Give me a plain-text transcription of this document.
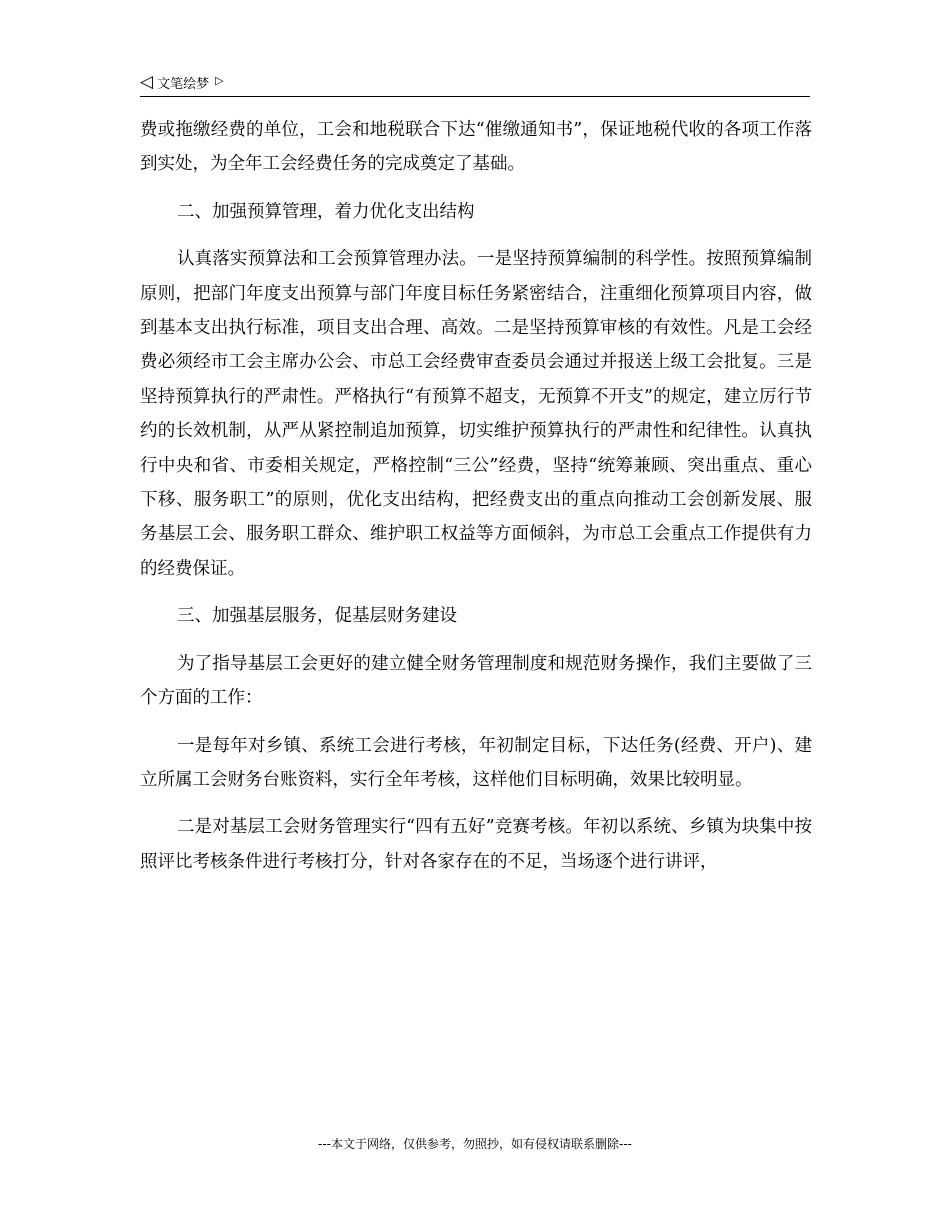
◁ 文笔绘梦 ▷

费或拖缴经费的单位，工会和地税联合下达“催缴通知书”，保证地税代收的各项工作落到实处，为全年工会经费任务的完成奠定了基础。

二、加强预算管理，着力优化支出结构

认真落实预算法和工会预算管理办法。一是坚持预算编制的科学性。按照预算编制原则，把部门年度支出预算与部门年度目标任务紧密结合，注重细化预算项目内容，做到基本支出执行标准，项目支出合理、高效。二是坚持预算审核的有效性。凡是工会经费必须经市工会主席办公会、市总工会经费审查委员会通过并报送上级工会批复。三是坚持预算执行的严肃性。严格执行“有预算不超支，无预算不开支”的规定，建立厉行节约的长效机制，从严从紧控制追加预算，切实维护预算执行的严肃性和纪律性。认真执行中央和省、市委相关规定，严格控制“三公”经费，坚持“统筹兼顾、突出重点、重心下移、服务职工”的原则，优化支出结构，把经费支出的重点向推动工会创新发展、服务基层工会、服务职工群众、维护职工权益等方面倾斜，为市总工会重点工作提供有力的经费保证。

三、加强基层服务，促基层财务建设

为了指导基层工会更好的建立健全财务管理制度和规范财务操作，我们主要做了三个方面的工作：

一是每年对乡镇、系统工会进行考核，年初制定目标，下达任务(经费、开户)、建立所属工会财务台账资料，实行全年考核，这样他们目标明确，效果比较明显。

二是对基层工会财务管理实行“四有五好”竞赛考核。年初以系统、乡镇为块集中按照评比考核条件进行考核打分，针对各家存在的不足，当场逐个进行讲评，

---本文于网络，仅供参考，勿照抄，如有侵权请联系删除---
